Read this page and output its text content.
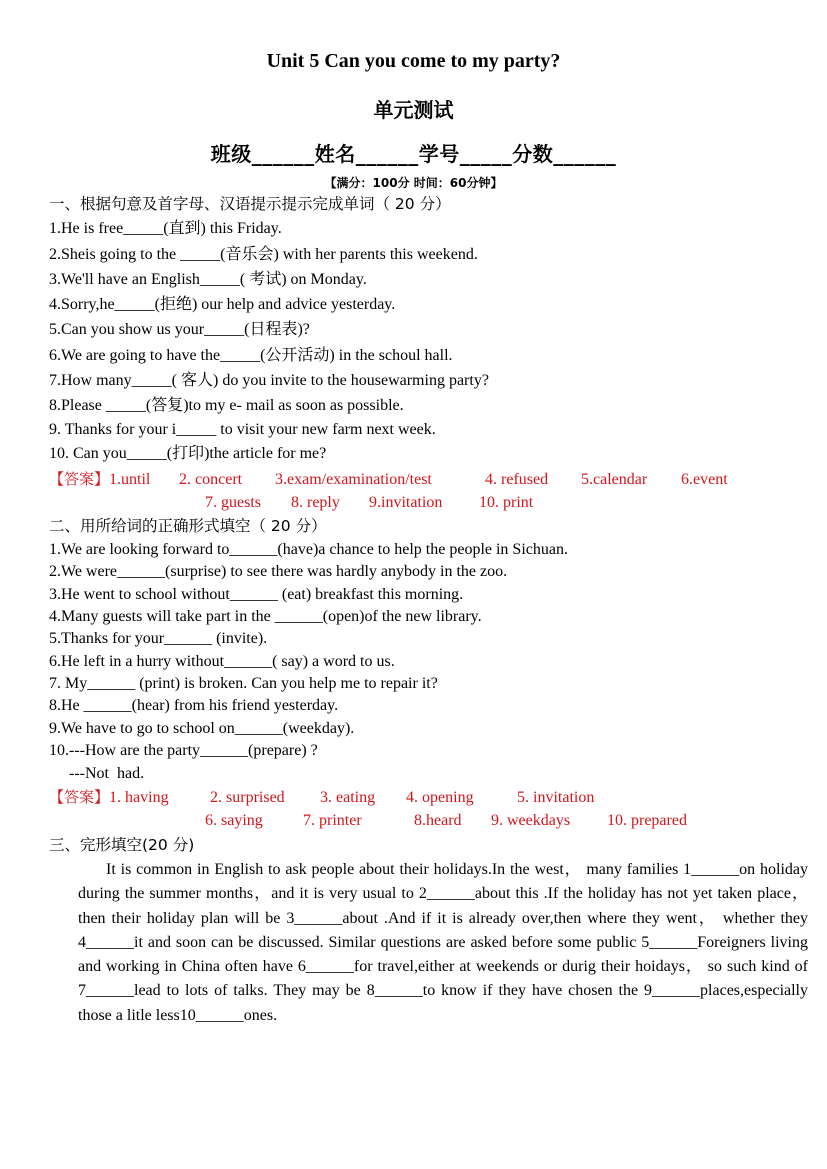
Unit 5 Can you come to my party?
单元测试
班级______姓名______学号_____分数______
【满分：100分 时间：60分钟】
一、根据句意及首字母、汉语提示提示完成单词（ 20 分）
1.He is free_____(直到) this Friday.
2.Sheis going to the _____(音乐会) with her parents this weekend.
3.We'll have an English_____( 考试) on Monday.
4.Sorry,he_____(拒绝) our help and advice yesterday.
5.Can you show us your_____(日程表)?
6.We are going to have the_____(公开活动) in the schoul hall.
7.How many_____( 客人) do you invite to the housewarming party?
8.Please _____(答复)to my e- mail as soon as possible.
9. Thanks for your i_____ to visit your new farm next week.
10. Can you_____(打印)the article for me?
【答案】1.until 2. concert 3.exam/examination/test	4. refused 5.calendar 6.event
7. guests 8. reply 9.invitation 10. print
二、用所给词的正确形式填空（ 20 分）
1.We are looking forward to______(have)a chance to help the people in Sichuan.
2.We were______(surprise) to see there was hardly anybody in the zoo.
3.He went to school without______ (eat) breakfast this morning.
4.Many guests will take part in the ______(open)of the new library.
5.Thanks for your______ (invite).
6.He left in a hurry without______( say) a word to us.
7. My______ (print) is broken. Can you help me to repair it?
8.He ______(hear) from his friend yesterday.
9.We have to go to school on______(weekday).
10.---How are the party______(prepare) ?
---Not  had.
【答案】1. having	2. surprised 3. eating 4. opening	5. invitation
6. saying	7. printer	8.heard 9. weekdays 10. prepared
三、完形填空(20 分)
It is common in English to ask people about their holidays.In the west， many families 1______on holiday during the summer months，and it is very usual to 2______about this .If the holiday has not yet taken place，then their holiday plan will be 3______about .And if it is already over,then where they went， whether they 4______it and soon can be discussed. Similar questions are asked before some public 5______Foreigners living and working in China often have 6______for travel,either at weekends or durig their hoidays， so such kind of 7______lead to lots of talks. They may be 8______to know if they have chosen the 9______places,especially those a litle less10______ones.
